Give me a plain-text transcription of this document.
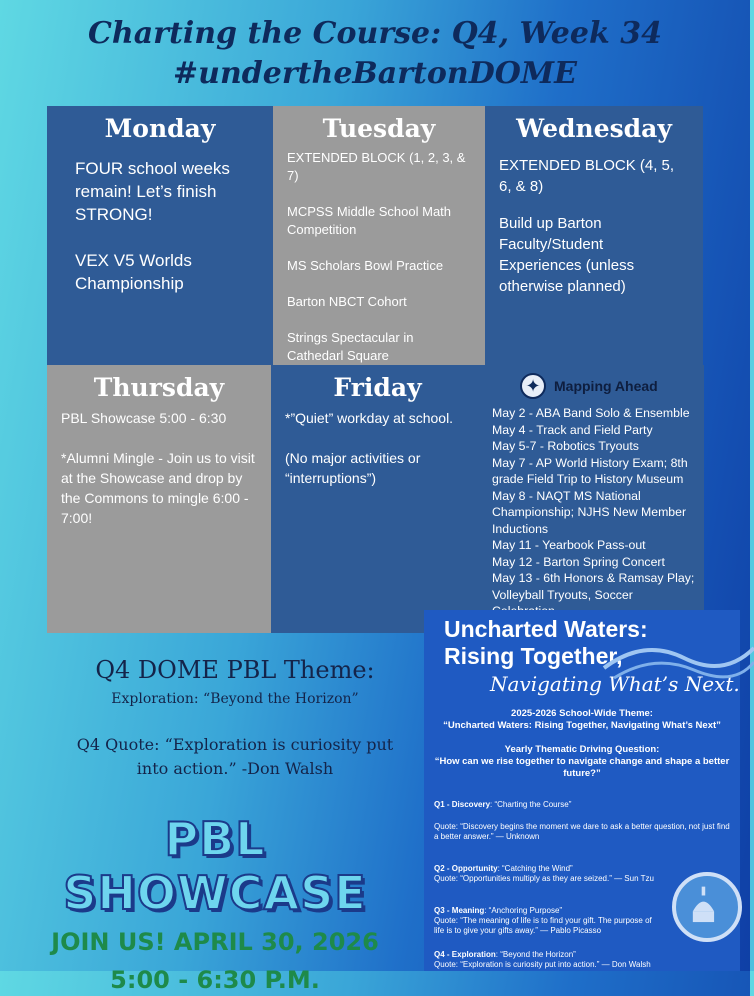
Charting the Course: Q4, Week 34
#undertheBartonDOME
Monday

FOUR school weeks remain! Let’s finish STRONG!

VEX V5 Worlds Championship

Tuesday

EXTENDED BLOCK (1, 2, 3, & 7)

MCPSS Middle School Math Competition

MS Scholars Bowl Practice

Barton NBCT Cohort

Strings Spectacular in Cathedarl Square

Wednesday

EXTENDED BLOCK (4, 5, 6, & 8)

Build up Barton Faculty/Student Experiences (unless otherwise planned)

Thursday

PBL Showcase 5:00 - 6:30

*Alumni Mingle - Join us to visit at the Showcase and drop by the Commons to mingle 6:00 - 7:00!

Friday

*”Quiet” workday at school.

(No major activities or “interruptions”)

✦ Mapping Ahead
May 2 - ABA Band Solo & Ensemble
May 4 - Track and Field Party
May 5-7 - Robotics Tryouts
May 7 - AP World History Exam; 8th grade Field Trip to History Museum
May 8 - NAQT MS National Championship; NJHS New Member Inductions
May 11 - Yearbook Pass-out
May 12 - Barton Spring Concert
May 13 - 6th Honors & Ramsay Play; Volleyball Tryouts, Soccer
Q4 DOME PBL Theme:
Exploration: “Beyond the Horizon”
Q4 Quote: “Exploration is curiosity put into action.” -Don Walsh
PBL SHOWCASE
JOIN US! APRIL 30, 2026
5:00 - 6:30 P.M.
Uncharted Waters:
Rising Together,
Navigating What’s Next.
2025-2026 School-Wide Theme:
“Uncharted Waters: Rising Together, Navigating What’s Next”
Yearly Thematic Driving Question:
“How can we rise together to navigate change and shape a better future?”
Q1 - Discovery: “Charting the Course”
Quote: “Discovery begins the moment we dare to ask a better question, not just find a better answer.” — Unknown
Q2 - Opportunity: “Catching the Wind”
Quote: “Opportunities multiply as they are seized.” — Sun Tzu
Q3 - Meaning: “Anchoring Purpose”
Quote: “The meaning of life is to find your gift. The purpose of life is to give your gifts away.” — Pablo Picasso
Q4 - Exploration: “Beyond the Horizon”
Quote: “Exploration is curiosity put into action.” — Don Walsh
